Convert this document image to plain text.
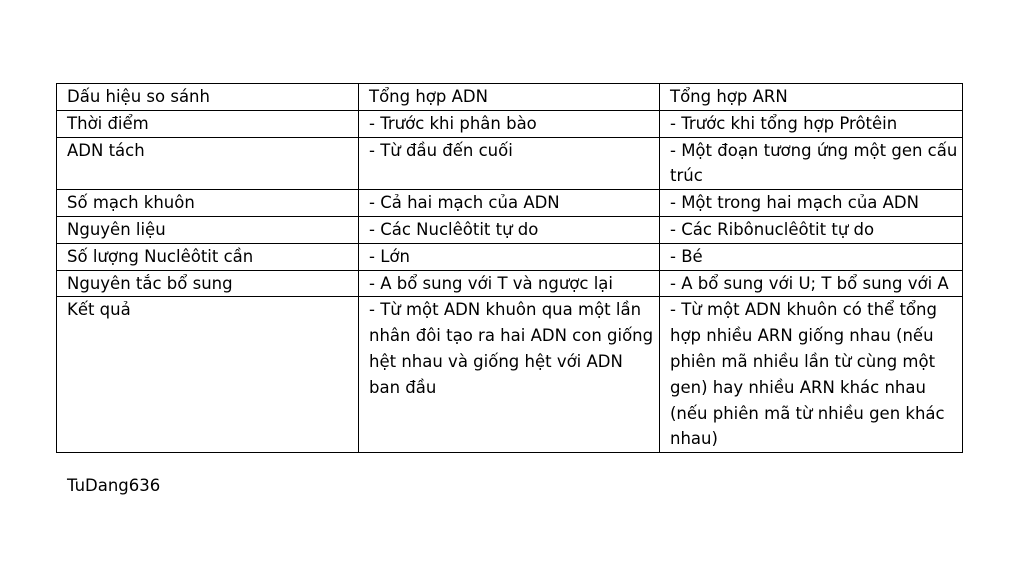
Dấu hiệu so sánh	Tổng hợp ADN	Tổng hợp ARN
Thời điểm	- Trước khi phân bào	- Trước khi tổng hợp Prôtêin
ADN tách	- Từ đầu đến cuối	- Một đoạn tương ứng một gen cấu trúc
Số mạch khuôn	- Cả hai mạch của ADN	- Một trong hai mạch của ADN
Nguyên liệu	- Các Nuclêôtit tự do	- Các Ribônuclêôtit tự do
Số lượng Nuclêôtit cần	- Lớn	- Bé
Nguyên tắc bổ sung	- A bổ sung với T và ngược lại	- A bổ sung với U; T bổ sung với A
Kết quả	- Từ một ADN khuôn qua một lần nhân đôi tạo ra hai ADN con giống hệt nhau và giống hệt với ADN ban đầu	- Từ một ADN khuôn có thể tổng hợp nhiều ARN giống nhau (nếu phiên mã nhiều lần từ cùng một gen) hay nhiều ARN khác nhau (nếu phiên mã từ nhiều gen khác nhau)
TuDang636
